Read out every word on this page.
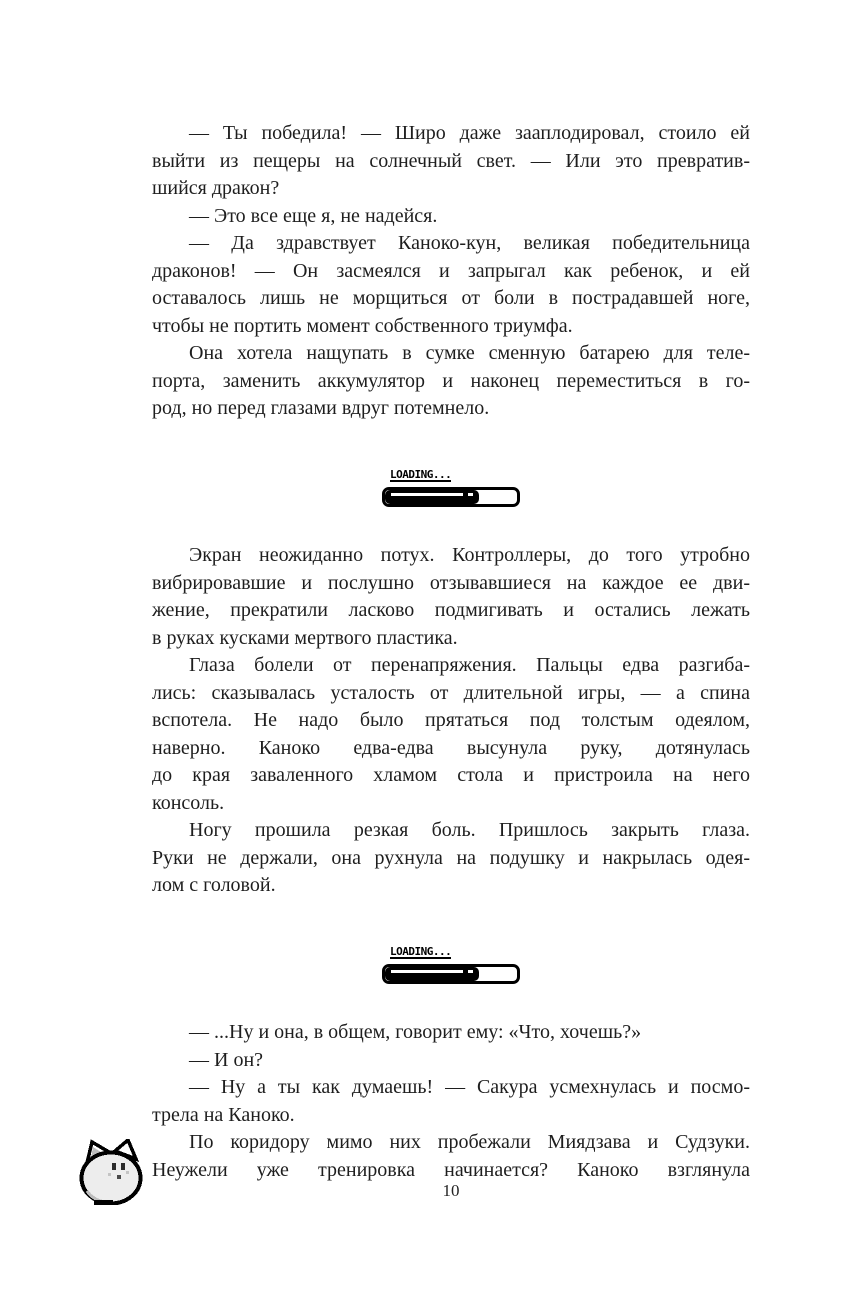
— Ты победила! — Широ даже зааплодировал, стоило ей
выйти из пещеры на солнечный свет. — Или это превратив-
шийся дракон?
— Это все еще я, не надейся.
— Да здравствует Каноко-кун, великая победительница
драконов! — Он засмеялся и запрыгал как ребенок, и ей
оставалось лишь не морщиться от боли в пострадавшей ноге,
чтобы не портить момент собственного триумфа.
Она хотела нащупать в сумке сменную батарею для теле-
порта, заменить аккумулятор и наконец переместиться в го-
род, но перед глазами вдруг потемнело.
LOADING...
Экран неожиданно потух. Контроллеры, до того утробно
вибрировавшие и послушно отзывавшиеся на каждое ее дви-
жение, прекратили ласково подмигивать и остались лежать
в руках кусками мертвого пластика.
Глаза болели от перенапряжения. Пальцы едва разгиба-
лись: сказывалась усталость от длительной игры, — а спина
вспотела. Не надо было прятаться под толстым одеялом,
наверно. Каноко едва-едва высунула руку, дотянулась
до края заваленного хламом стола и пристроила на него
консоль.
Ногу прошила резкая боль. Пришлось закрыть глаза.
Руки не держали, она рухнула на подушку и накрылась одея-
лом с головой.
LOADING...
— ...Ну и она, в общем, говорит ему: «Что, хочешь?»
— И он?
— Ну а ты как думаешь! — Сакура усмехнулась и посмо-
трела на Каноко.
По коридору мимо них пробежали Миядзава и Судзуки.
Неужели уже тренировка начинается? Каноко взглянула
10
